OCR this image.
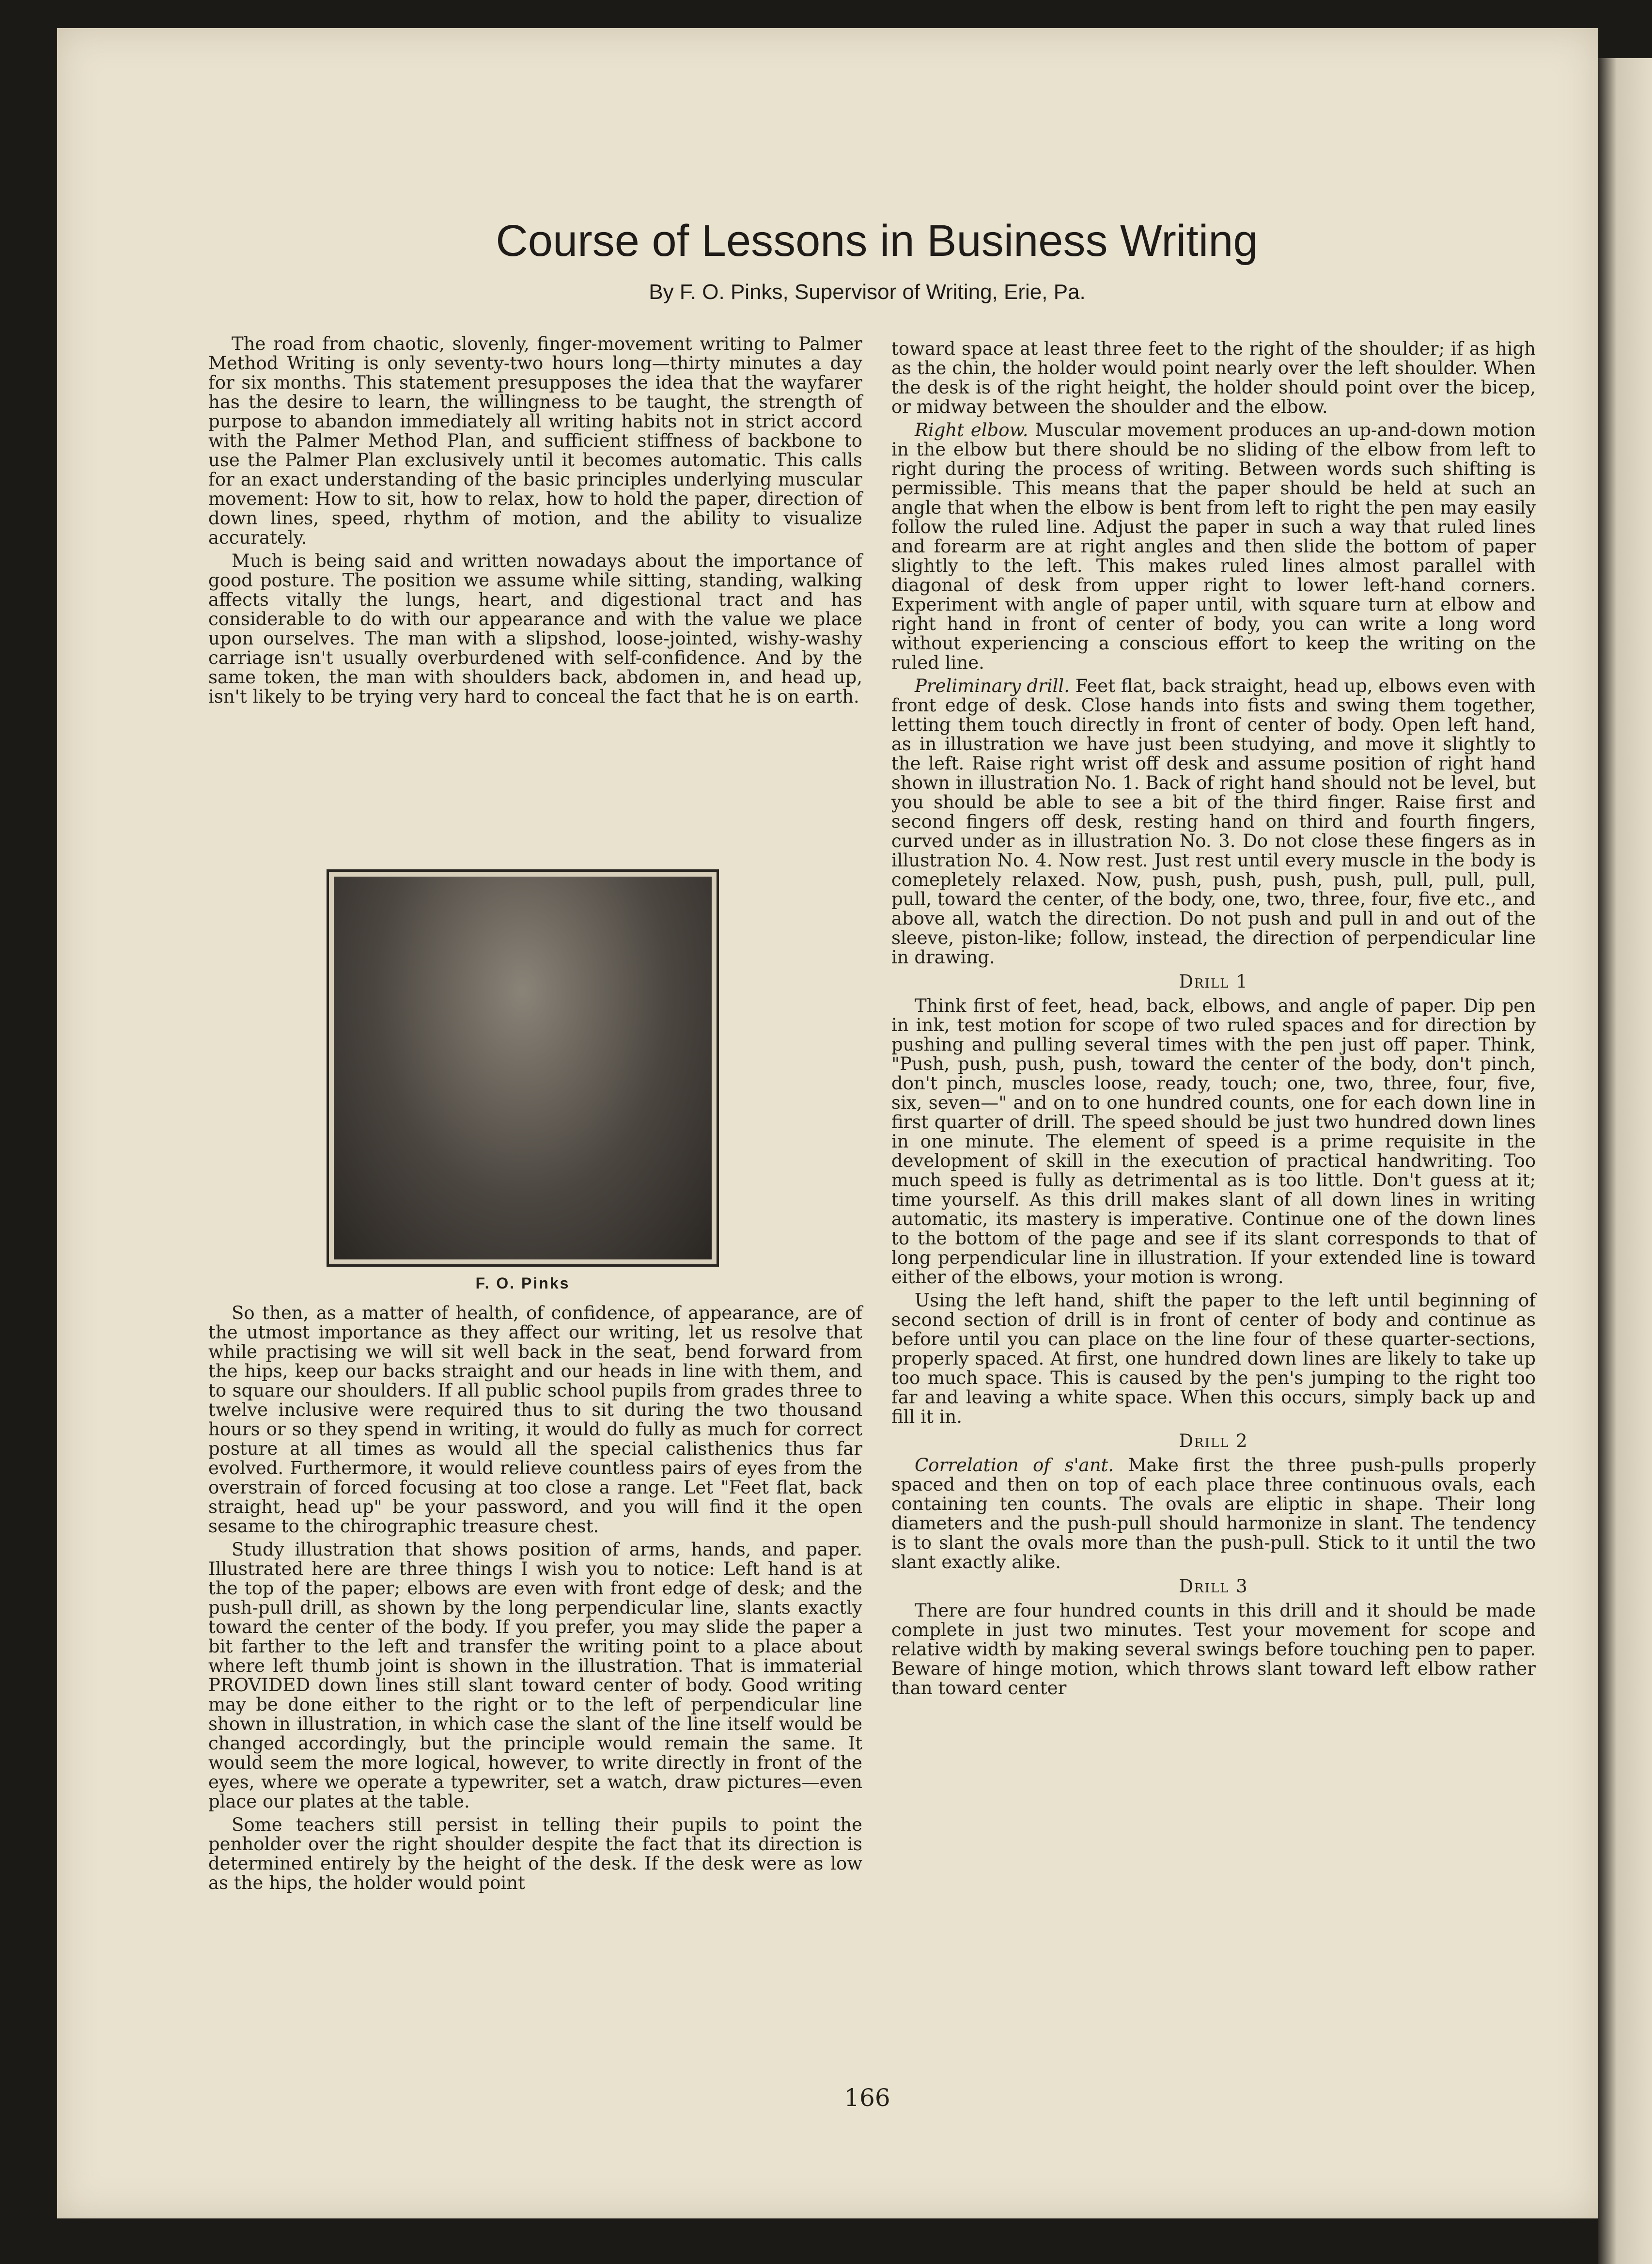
Course of Lessons in Business Writing
By F. O. Pinks, Supervisor of Writing, Erie, Pa.

The road from chaotic, slovenly, finger-movement writing to Palmer Method Writing is only seventy-two hours long—thirty minutes a day for six months. This statement presupposes the idea that the wayfarer has the desire to learn, the willingness to be taught, the strength of purpose to abandon immediately all writing habits not in strict accord with the Palmer Method Plan, and sufficient stiffness of backbone to use the Palmer Plan exclusively until it becomes automatic. This calls for an exact understanding of the basic principles underlying muscular movement: How to sit, how to relax, how to hold the paper, direction of down lines, speed, rhythm of motion, and the ability to visualize accurately.

Much is being said and written nowadays about the importance of good posture. The position we assume while sitting, standing, walking affects vitally the lungs, heart, and digestional tract and has considerable to do with our appearance and with the value we place upon ourselves. The man with a slipshod, loose-jointed, wishy-washy carriage isn't usually overburdened with self-confidence. And by the same token, the man with shoulders back, abdomen in, and head up, isn't likely to be trying very hard to conceal the fact that he is on earth.

F. O. Pinks

So then, as a matter of health, of confidence, of appearance, are of the utmost importance as they affect our writing, let us resolve that while practising we will sit well back in the seat, bend forward from the hips, keep our backs straight and our heads in line with them, and to square our shoulders. If all public school pupils from grades three to twelve inclusive were required thus to sit during the two thousand hours or so they spend in writing, it would do fully as much for correct posture at all times as would all the special calisthenics thus far evolved. Furthermore, it would relieve countless pairs of eyes from the overstrain of forced focusing at too close a range. Let "Feet flat, back straight, head up" be your password, and you will find it the open sesame to the chirographic treasure chest.

Study illustration that shows position of arms, hands, and paper. Illustrated here are three things I wish you to notice: Left hand is at the top of the paper; elbows are even with front edge of desk; and the push-pull drill, as shown by the long perpendicular line, slants exactly toward the center of the body. If you prefer, you may slide the paper a bit farther to the left and transfer the writing point to a place about where left thumb joint is shown in the illustration. That is immaterial PROVIDED down lines still slant toward center of body. Good writing may be done either to the right or to the left of perpendicular line shown in illustration, in which case the slant of the line itself would be changed accordingly, but the principle would remain the same. It would seem the more logical, however, to write directly in front of the eyes, where we operate a typewriter, set a watch, draw pictures—even place our plates at the table.

Some teachers still persist in telling their pupils to point the penholder over the right shoulder despite the fact that its direction is determined entirely by the height of the desk. If the desk were as low as the hips, the holder would point

toward space at least three feet to the right of the shoulder; if as high as the chin, the holder would point nearly over the left shoulder. When the desk is of the right height, the holder should point over the bicep, or midway between the shoulder and the elbow.

Right elbow. Muscular movement produces an up-and-down motion in the elbow but there should be no sliding of the elbow from left to right during the process of writing. Between words such shifting is permissible. This means that the paper should be held at such an angle that when the elbow is bent from left to right the pen may easily follow the ruled line. Adjust the paper in such a way that ruled lines and forearm are at right angles and then slide the bottom of paper slightly to the left. This makes ruled lines almost parallel with diagonal of desk from upper right to lower left-hand corners. Experiment with angle of paper until, with square turn at elbow and right hand in front of center of body, you can write a long word without experiencing a conscious effort to keep the writing on the ruled line.

Preliminary drill. Feet flat, back straight, head up, elbows even with front edge of desk. Close hands into fists and swing them together, letting them touch directly in front of center of body. Open left hand, as in illustration we have just been studying, and move it slightly to the left. Raise right wrist off desk and assume position of right hand shown in illustration No. 1. Back of right hand should not be level, but you should be able to see a bit of the third finger. Raise first and second fingers off desk, resting hand on third and fourth fingers, curved under as in illustration No. 3. Do not close these fingers as in illustration No. 4. Now rest. Just rest until every muscle in the body is comepletely relaxed. Now, push, push, push, push, pull, pull, pull, pull, toward the center, of the body, one, two, three, four, five etc., and above all, watch the direction. Do not push and pull in and out of the sleeve, piston-like; follow, instead, the direction of perpendicular line in drawing.

Drill 1

Think first of feet, head, back, elbows, and angle of paper. Dip pen in ink, test motion for scope of two ruled spaces and for direction by pushing and pulling several times with the pen just off paper. Think, "Push, push, push, push, toward the center of the body, don't pinch, don't pinch, muscles loose, ready, touch; one, two, three, four, five, six, seven—" and on to one hundred counts, one for each down line in first quarter of drill. The speed should be just two hundred down lines in one minute. The element of speed is a prime requisite in the development of skill in the execution of practical handwriting. Too much speed is fully as detrimental as is too little. Don't guess at it; time yourself. As this drill makes slant of all down lines in writing automatic, its mastery is imperative. Continue one of the down lines to the bottom of the page and see if its slant corresponds to that of long perpendicular line in illustration. If your extended line is toward either of the elbows, your motion is wrong.

Using the left hand, shift the paper to the left until beginning of second section of drill is in front of center of body and continue as before until you can place on the line four of these quarter-sections, properly spaced. At first, one hundred down lines are likely to take up too much space. This is caused by the pen's jumping to the right too far and leaving a white space. When this occurs, simply back up and fill it in.

Drill 2

Correlation of s'ant. Make first the three push-pulls properly spaced and then on top of each place three continuous ovals, each containing ten counts. The ovals are eliptic in shape. Their long diameters and the push-pull should harmonize in slant. The tendency is to slant the ovals more than the push-pull. Stick to it until the two slant exactly alike.

Drill 3

There are four hundred counts in this drill and it should be made complete in just two minutes. Test your movement for scope and relative width by making several swings before touching pen to paper. Beware of hinge motion, which throws slant toward left elbow rather than toward center

166
